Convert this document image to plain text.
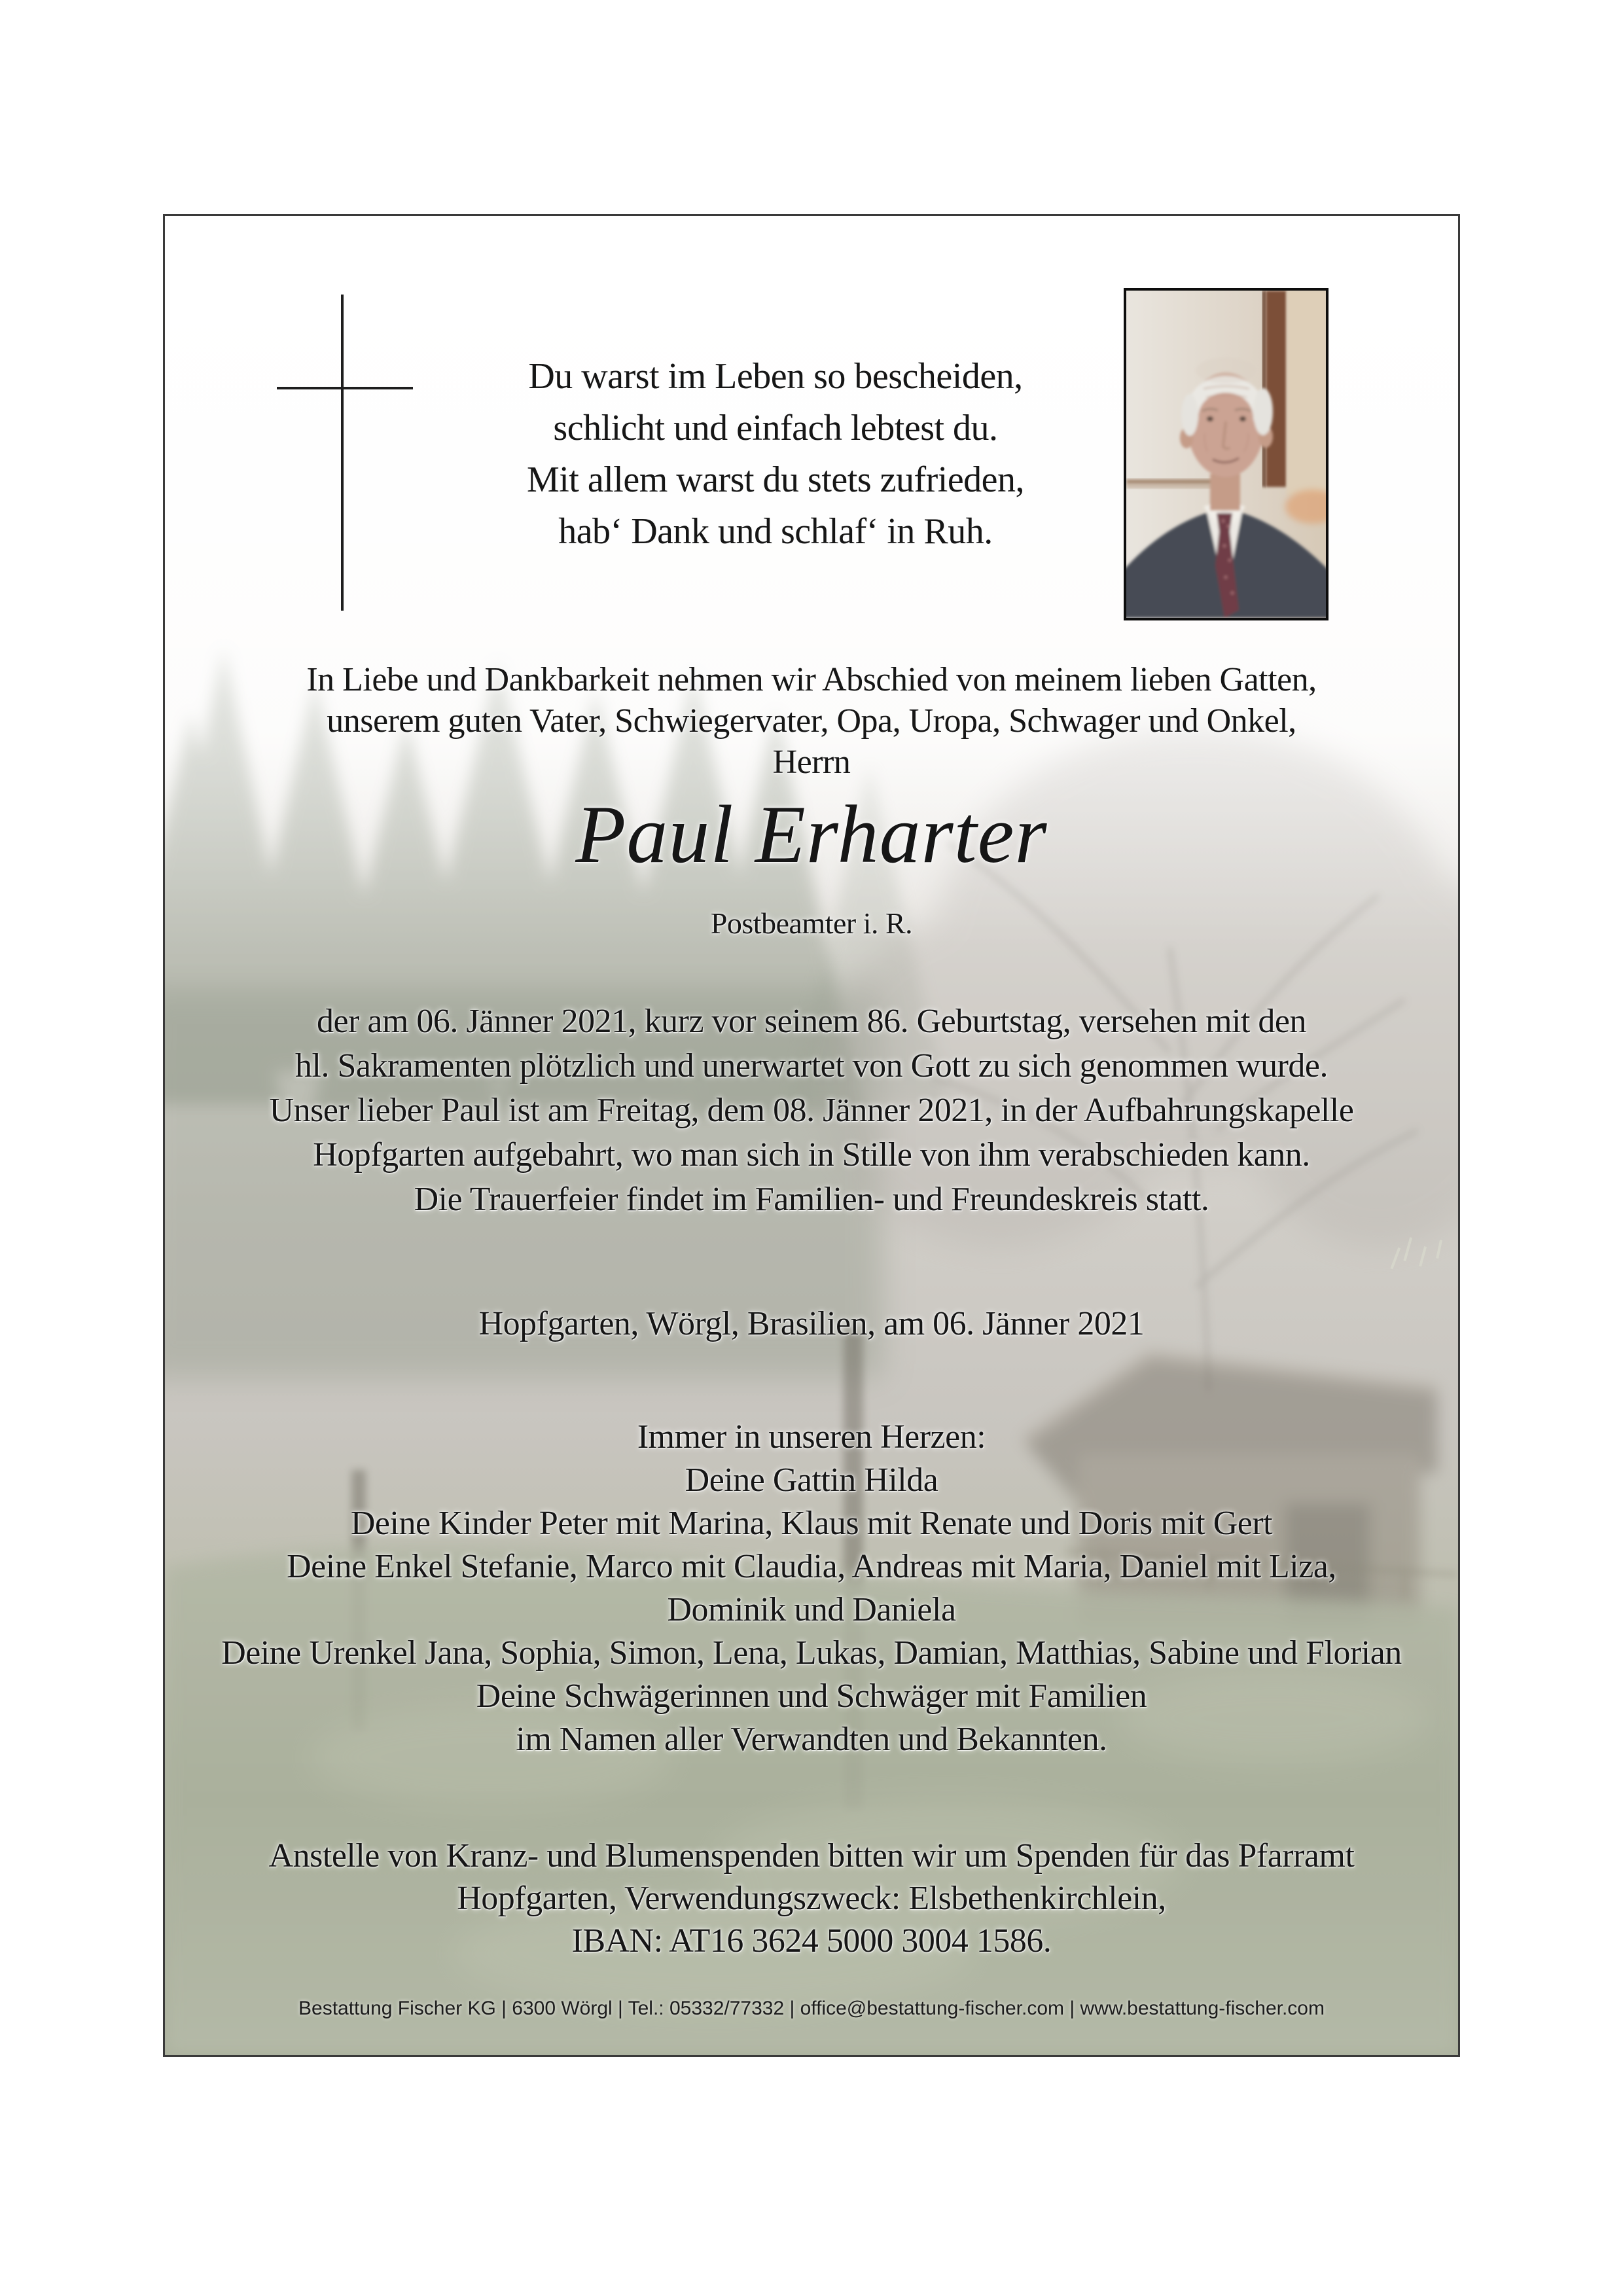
Du warst im Leben so bescheiden,

schlicht und einfach lebtest du.

Mit allem warst du stets zufrieden,

hab‘ Dank und schlaf‘ in Ruh.

In Liebe und Dankbarkeit nehmen wir Abschied von meinem lieben Gatten,

unserem guten Vater, Schwiegervater, Opa, Uropa, Schwager und Onkel,

Herrn

Paul Erharter
Postbeamter i. R.

der am 06. Jänner 2021, kurz vor seinem 86. Geburtstag, versehen mit den

hl. Sakramenten plötzlich und unerwartet von Gott zu sich genommen wurde.

Unser lieber Paul ist am Freitag, dem 08. Jänner 2021, in der Aufbahrungskapelle

Hopfgarten aufgebahrt, wo man sich in Stille von ihm verabschieden kann.

Die Trauerfeier findet im Familien- und Freundeskreis statt.

Hopfgarten, Wörgl, Brasilien, am 06. Jänner 2021

Immer in unseren Herzen:

Deine Gattin Hilda

Deine Kinder Peter mit Marina, Klaus mit Renate und Doris mit Gert

Deine Enkel Stefanie, Marco mit Claudia, Andreas mit Maria, Daniel mit Liza,

Dominik und Daniela

Deine Urenkel Jana, Sophia, Simon, Lena, Lukas, Damian, Matthias, Sabine und Florian

Deine Schwägerinnen und Schwäger mit Familien

im Namen aller Verwandten und Bekannten.

Anstelle von Kranz- und Blumenspenden bitten wir um Spenden für das Pfarramt

Hopfgarten, Verwendungszweck: Elsbethenkirchlein,

IBAN: AT16 3624 5000 3004 1586.

Bestattung Fischer KG | 6300 Wörgl | Tel.: 05332/77332 | office@bestattung-fischer.com | www.bestattung-fischer.com
